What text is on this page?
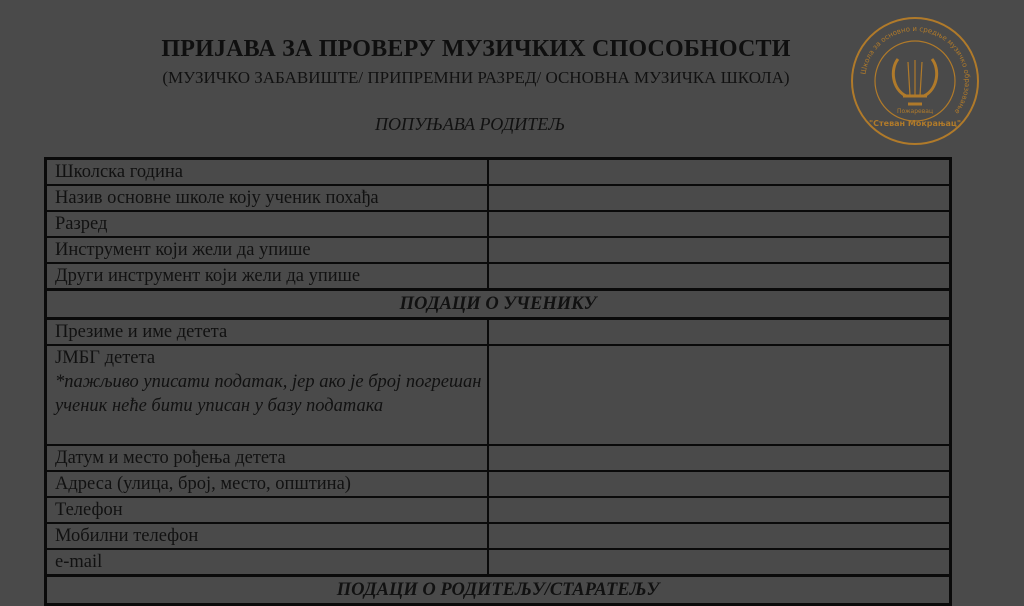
ПРИЈАВА ЗА ПРОВЕРУ МУЗИЧКИХ СПОСОБНОСТИ
(МУЗИЧКО ЗАБАВИШТЕ/ ПРИПРЕМНИ РАЗРЕД/ ОСНОВНА МУЗИЧКА ШКОЛА)
ПОПУЊАВА РОДИТЕЉ
Школа за основно и средње музичко образовање
Пожаревац
"Стеван Мокрањац"
Школска година	
Назив основне школе коју ученик похађа	
Разред	
Инструмент који жели да упише	
Други инструмент који жели да упише	
ПОДАЦИ О УЧЕНИКУ	
Презиме и име детета	
ЈМБГ детета
*пажљиво уписати податак, јер ако је број погрешан ученик неће бити уписан у базу података	

Датум и место рођења детета	
Адреса (улица, број, место, општина)	
Телефон	
Мобилни телефон	
e-mail	
ПОДАЦИ О РОДИТЕЉУ/СТАРАТЕЉУ	
